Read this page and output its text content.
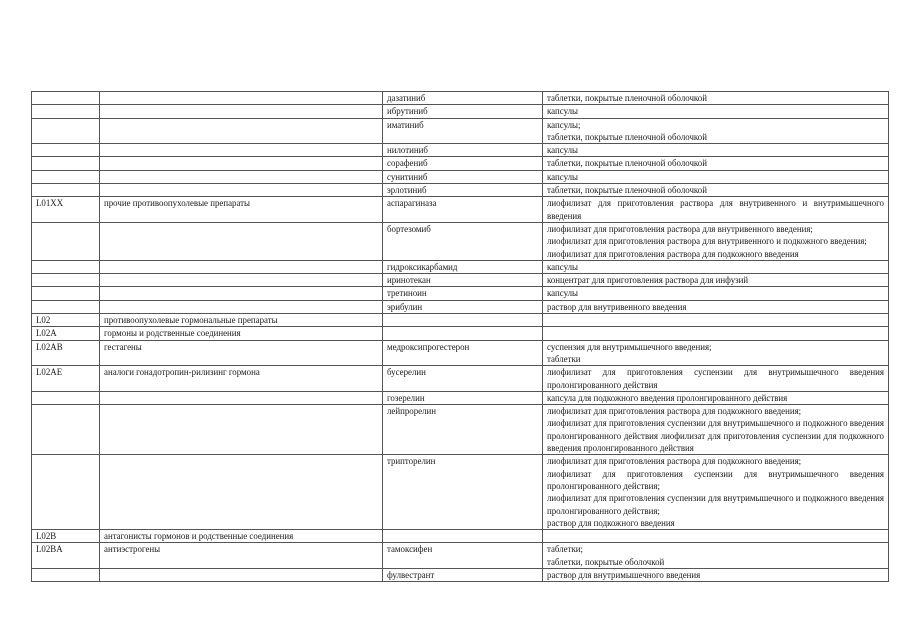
		дазатиниб	таблетки, покрытые пленочной оболочкой
		ибрутиниб	капсулы
		иматиниб	капсулы;
таблетки, покрытые пленочной оболочкой
		нилотиниб	капсулы
		сорафениб	таблетки, покрытые пленочной оболочкой
		сунитиниб	капсулы
		эрлотиниб	таблетки, покрытые пленочной оболочкой
L01XX	прочие противоопухолевые препараты	аспарагиназа	лиофилизат для приготовления раствора для внутривенного и внутримышечного введения
		бортезомиб	лиофилизат для приготовления раствора для внутривенного введения;
лиофилизат для приготовления раствора для внутривенного и подкожного введения;
лиофилизат для приготовления раствора для подкожного введения
		гидроксикарбамид	капсулы
		иринотекан	концентрат для приготовления раствора для инфузий
		третиноин	капсулы
		эрибулин	раствор для внутривенного введения
L02	противоопухолевые гормональные препараты		
L02A	гормоны и родственные соединения		
L02AB	гестагены	медроксипрогестерон	суспензия для внутримышечного введения;
таблетки
L02AE	аналоги гонадотропин-рилизинг гормона	бусерелин	лиофилизат для приготовления суспензии для внутримышечного введения пролонгированного действия
		гозерелин	капсула для подкожного введения пролонгированного действия
		лейпрорелин	лиофилизат для приготовления раствора для подкожного введения;
лиофилизат для приготовления суспензии для внутримышечного и подкожного введения пролонгированного действия лиофилизат для приготовления суспензии для подкожного введения пролонгированного действия
		трипторелин	лиофилизат для приготовления раствора для подкожного введения;
лиофилизат для приготовления суспензии для внутримышечного введения пролонгированного действия;
лиофилизат для приготовления суспензии для внутримышечного и подкожного введения пролонгированного действия;
раствор для подкожного введения
L02B	антагонисты гормонов и родственные соединения		
L02BA	антиэстрогены	тамоксифен	таблетки;
таблетки, покрытые оболочкой
		фулвестрант	раствор для внутримышечного введения
